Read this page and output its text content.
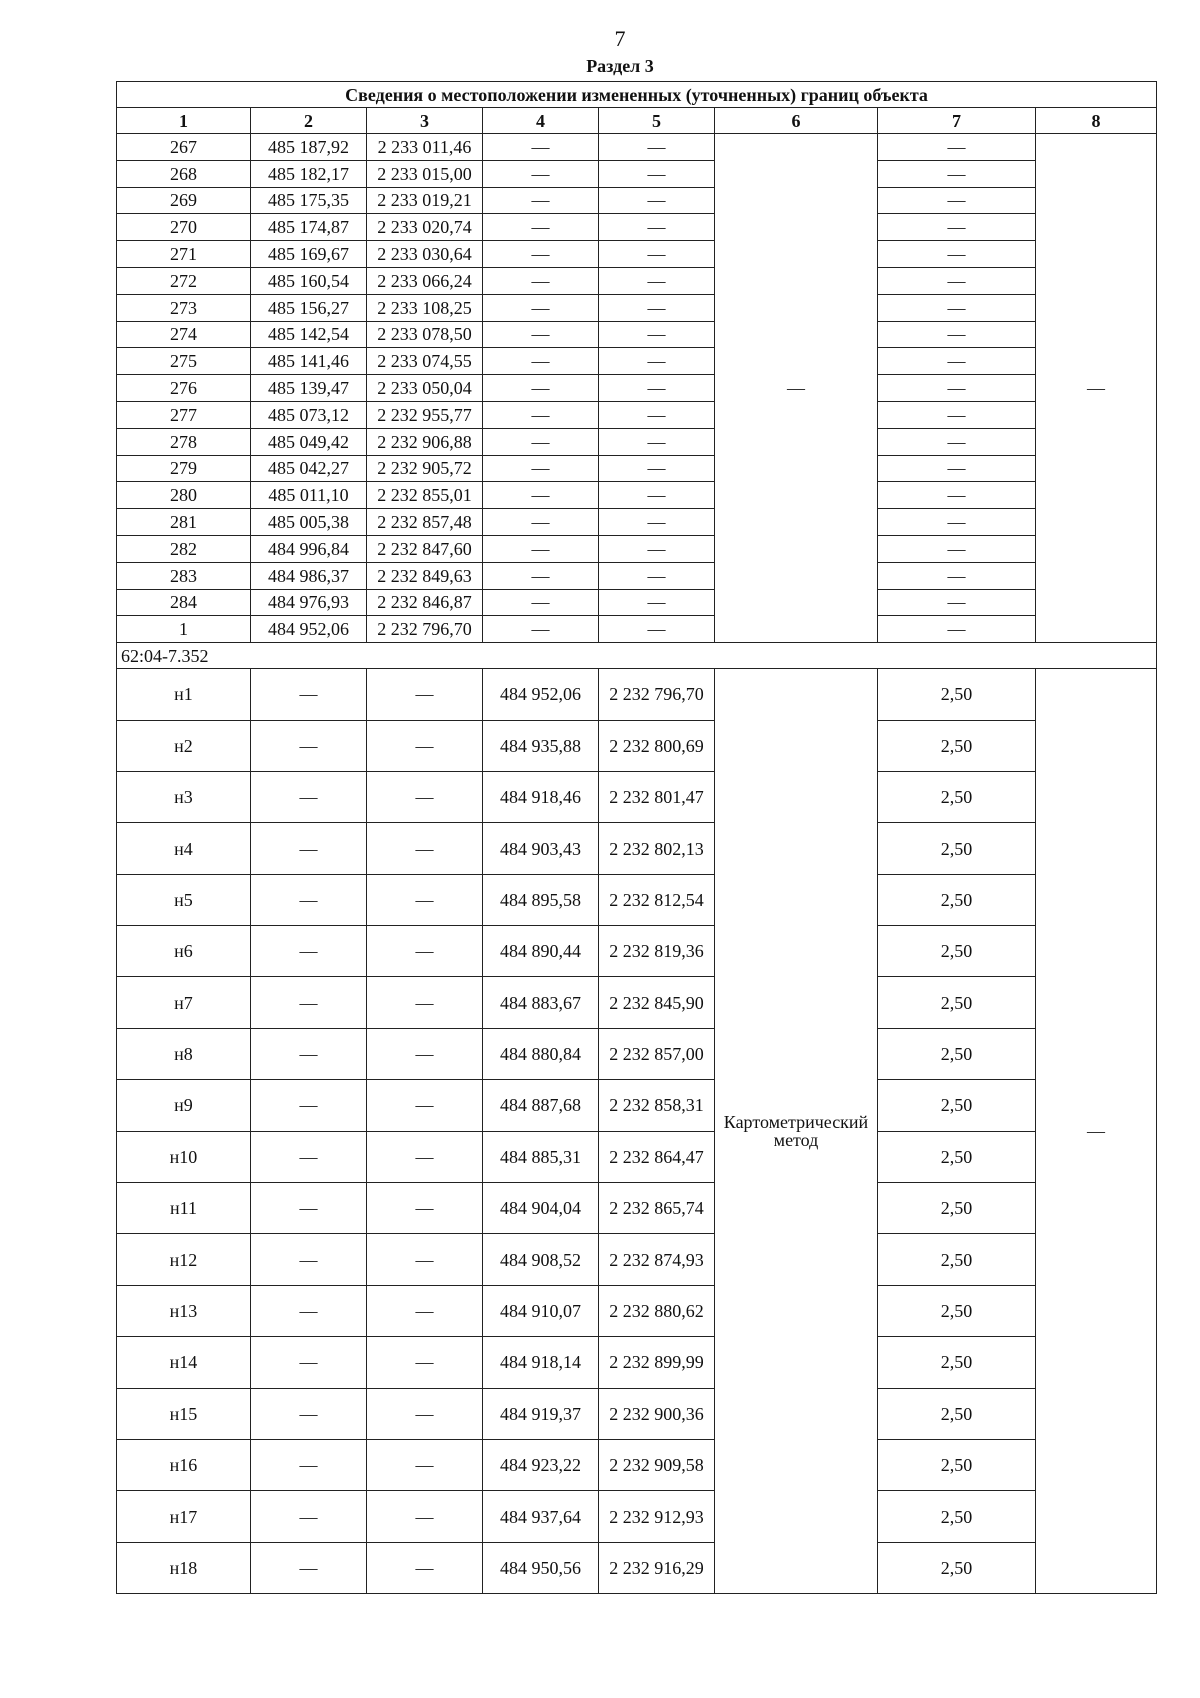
7
Раздел 3
Сведения о местоположении измененных (уточненных) границ объекта							
1	2	3	4	5	6	7	8
267	485 187,92	2 233 011,46	—	—	—	—	—
268	485 182,17	2 233 015,00	—	—		—	
269	485 175,35	2 233 019,21	—	—		—	
270	485 174,87	2 233 020,74	—	—		—	
271	485 169,67	2 233 030,64	—	—		—	
272	485 160,54	2 233 066,24	—	—		—	
273	485 156,27	2 233 108,25	—	—		—	
274	485 142,54	2 233 078,50	—	—		—	
275	485 141,46	2 233 074,55	—	—		—	
276	485 139,47	2 233 050,04	—	—		—	
277	485 073,12	2 232 955,77	—	—		—	
278	485 049,42	2 232 906,88	—	—		—	
279	485 042,27	2 232 905,72	—	—		—	
280	485 011,10	2 232 855,01	—	—		—	
281	485 005,38	2 232 857,48	—	—		—	
282	484 996,84	2 232 847,60	—	—		—	
283	484 986,37	2 232 849,63	—	—		—	
284	484 976,93	2 232 846,87	—	—		—	
1	484 952,06	2 232 796,70	—	—		—	
62:04-7.352							
н1	—	—	484 952,06	2 232 796,70	Картометрический метод	2,50	—
н2	—	—	484 935,88	2 232 800,69		2,50	
н3	—	—	484 918,46	2 232 801,47		2,50	
н4	—	—	484 903,43	2 232 802,13		2,50	
н5	—	—	484 895,58	2 232 812,54		2,50	
н6	—	—	484 890,44	2 232 819,36		2,50	
н7	—	—	484 883,67	2 232 845,90		2,50	
н8	—	—	484 880,84	2 232 857,00		2,50	
н9	—	—	484 887,68	2 232 858,31		2,50	
н10	—	—	484 885,31	2 232 864,47		2,50	
н11	—	—	484 904,04	2 232 865,74		2,50	
н12	—	—	484 908,52	2 232 874,93		2,50	
н13	—	—	484 910,07	2 232 880,62		2,50	
н14	—	—	484 918,14	2 232 899,99		2,50	
н15	—	—	484 919,37	2 232 900,36		2,50	
н16	—	—	484 923,22	2 232 909,58		2,50	
н17	—	—	484 937,64	2 232 912,93		2,50	
н18	—	—	484 950,56	2 232 916,29		2,50	
